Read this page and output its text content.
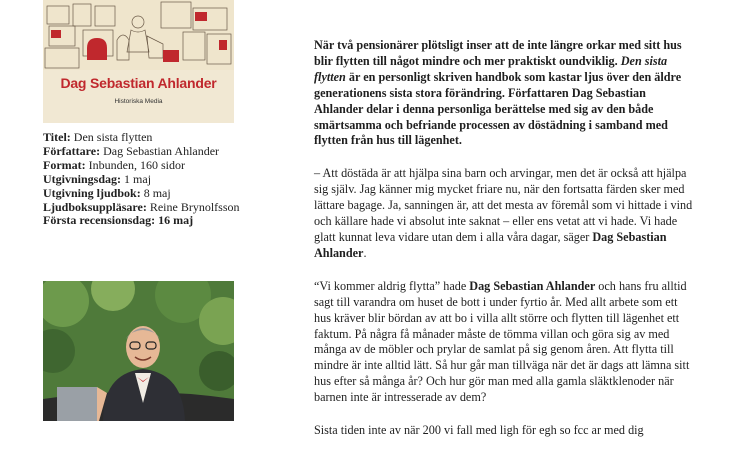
Dag Sebastian Ahlander
Historiska Media
Titel: Den sista flytten
Författare: Dag Sebastian Ahlander
Format: Inbunden, 160 sidor
Utgivningsdag: 1 maj
Utgivning ljudbok: 8 maj
Ljudboksuppläsare: Reine Brynolfsson
Första recensionsdag: 16 maj

När två pensionärer plötsligt inser att de inte längre orkar med sitt hus blir flytten till något mindre och mer praktiskt oundviklig. Den sista flytten är en personligt skriven handbok som kastar ljus över den äldre generationens sista stora förändring. Författaren Dag Sebastian Ahlander delar i denna personliga berättelse med sig av den både smärtsamma och befriande processen av döstädning i samband med flytten från hus till lägenhet.

– Att döstäda är att hjälpa sina barn och arvingar, men det är också att hjälpa sig själv. Jag känner mig mycket friare nu, när den fortsatta färden sker med lättare bagage. Ja, sanningen är, att det mesta av föremål som vi hittade i vind och källare hade vi absolut inte saknat – eller ens vetat att vi hade. Vi hade glatt kunnat leva vidare utan dem i alla våra dagar, säger Dag Sebastian Ahlander.

“Vi kommer aldrig flytta” hade Dag Sebastian Ahlander och hans fru alltid sagt till varandra om huset de bott i under fyrtio år. Med allt arbete som ett hus kräver blir bördan av att bo i villa allt större och flytten till lägenhet ett faktum. På några få månader måste de tömma villan och göra sig av med många av de möbler och prylar de samlat på sig genom åren. Att flytta till mindre är inte alltid lätt. Så hur går man tillväga när det är dags att lämna sitt hus efter så många år? Och hur gör man med alla gamla släktklenoder när barnen inte är intresserade av dem?

Sista tiden inte av när 200 vi fall med ligh för egh so fcc ar med dig
